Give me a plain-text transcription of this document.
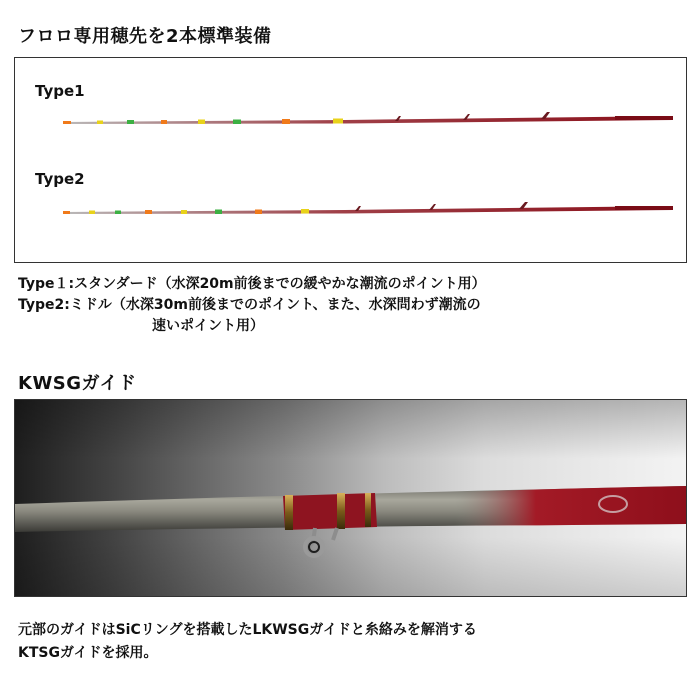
フロロ専用穂先を2本標準装備
Type1
Type2
Type１:スタンダード（水深20m前後までの緩やかな潮流のポイント用）
Type2:ミドル（水深30m前後までのポイント、また、水深問わず潮流の
速いポイント用）
KWSGガイド
元部のガイドはSiCリングを搭載したLKWSGガイドと糸絡みを解消する
KTSGガイドを採用。
